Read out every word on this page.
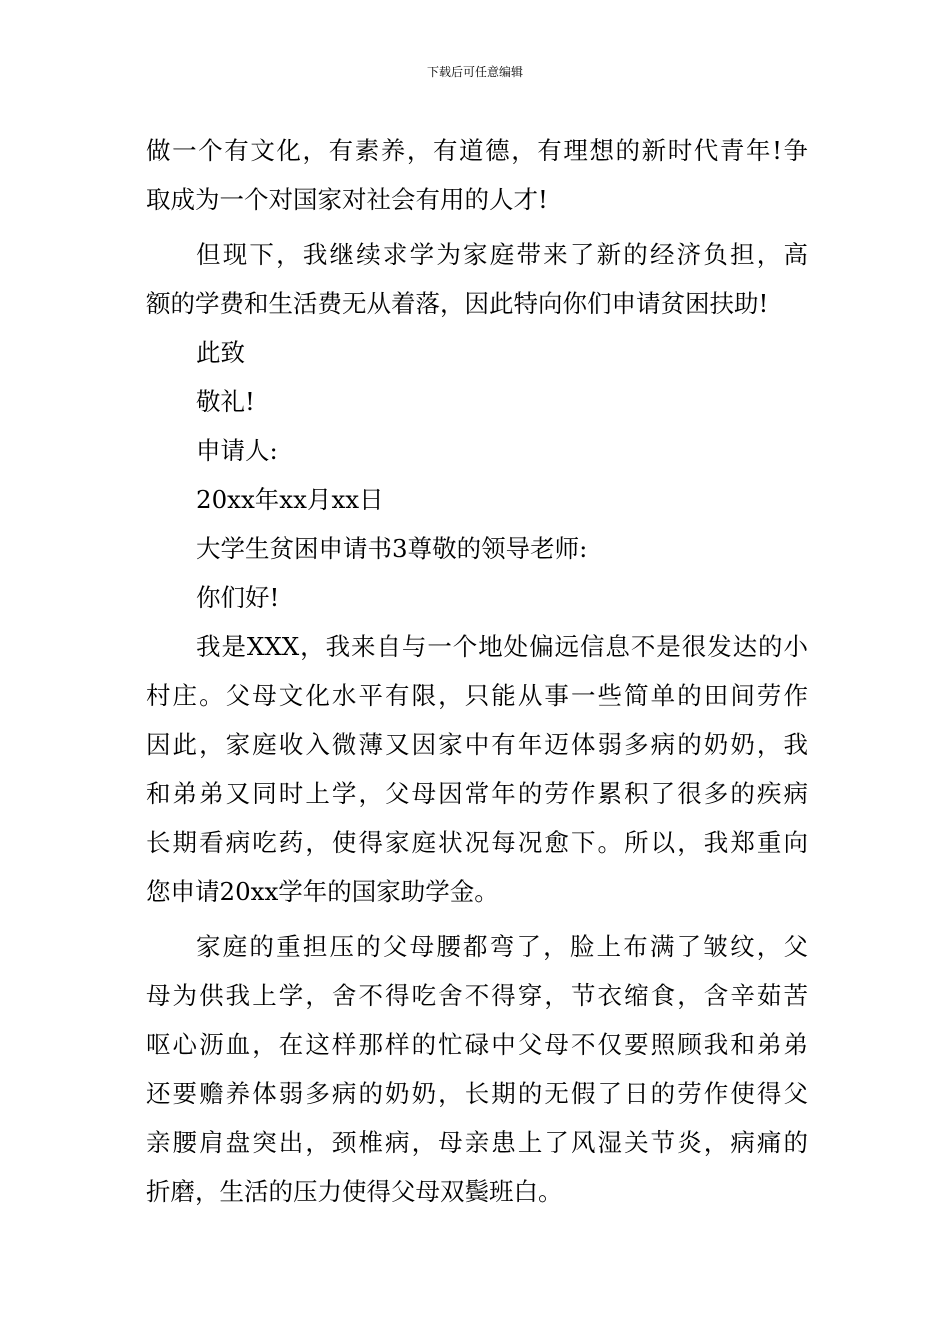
下载后可任意编辑
做一个有文化，有素养，有道德，有理想的新时代青年!争
取成为一个对国家对社会有用的人才!
但现下，我继续求学为家庭带来了新的经济负担，高
额的学费和生活费无从着落，因此特向你们申请贫困扶助!
此致
敬礼!
申请人:
20xx年xx月xx日
大学生贫困申请书3尊敬的领导老师:
你们好!
我是XXX，我来自与一个地处偏远信息不是很发达的小
村庄。父母文化水平有限，只能从事一些简单的田间劳作
因此，家庭收入微薄又因家中有年迈体弱多病的奶奶，我
和弟弟又同时上学，父母因常年的劳作累积了很多的疾病
长期看病吃药，使得家庭状况每况愈下。所以，我郑重向
您申请20xx学年的国家助学金。
家庭的重担压的父母腰都弯了，脸上布满了皱纹，父
母为供我上学，舍不得吃舍不得穿，节衣缩食，含辛茹苦
呕心沥血，在这样那样的忙碌中父母不仅要照顾我和弟弟
还要赡养体弱多病的奶奶，长期的无假了日的劳作使得父
亲腰肩盘突出，颈椎病，母亲患上了风湿关节炎，病痛的
折磨，生活的压力使得父母双鬓班白。
